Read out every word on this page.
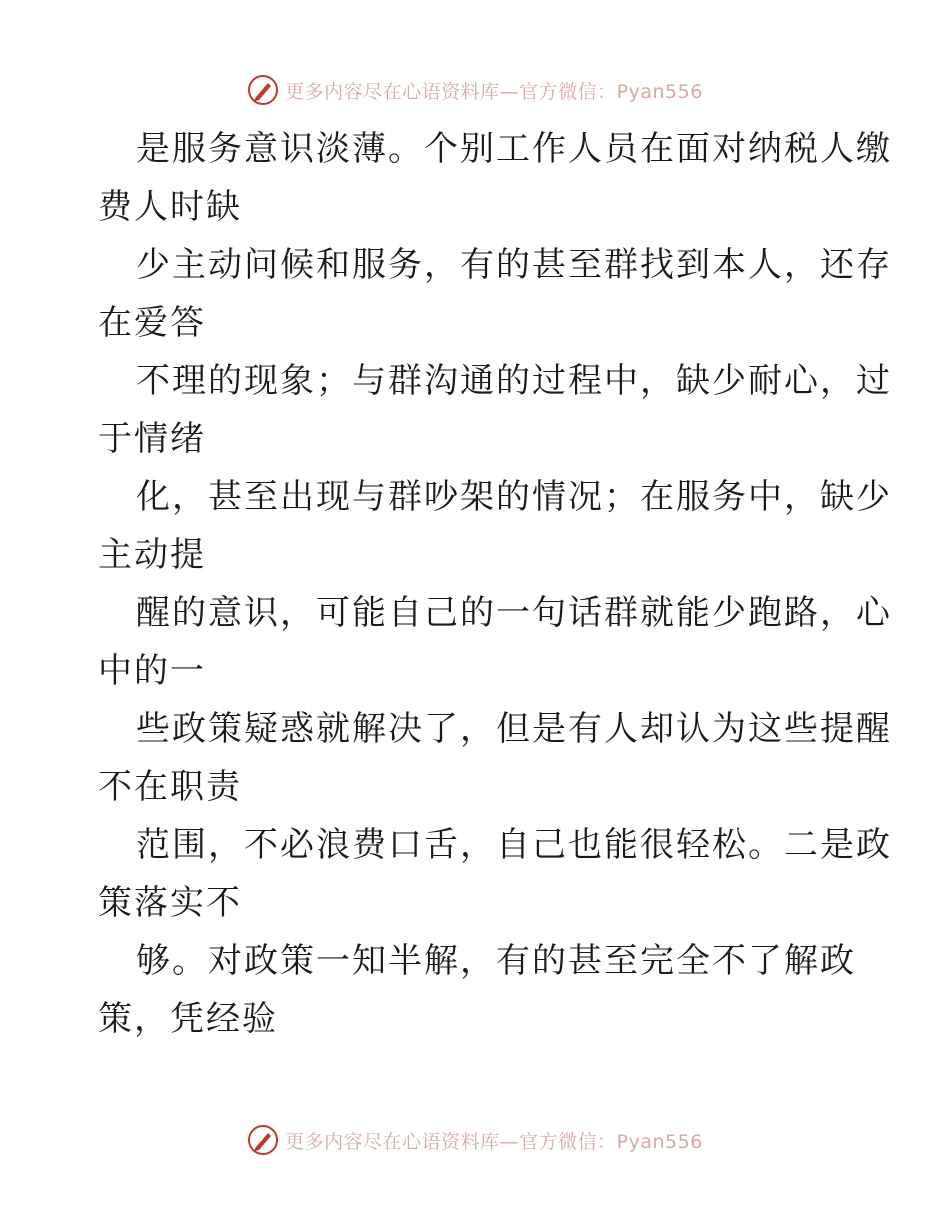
更多内容尽在心语资料库—官方微信：Pyan556
是服务意识淡薄。个别工作人员在面对纳税人缴
费人时缺
少主动问候和服务，有的甚至群找到本人，还存
在爱答
不理的现象；与群沟通的过程中，缺少耐心，过
于情绪
化，甚至出现与群吵架的情况；在服务中，缺少
主动提
醒的意识，可能自己的一句话群就能少跑路，心
中的一
些政策疑惑就解决了，但是有人却认为这些提醒
不在职责
范围，不必浪费口舌，自己也能很轻松。二是政
策落实不
够。对政策一知半解，有的甚至完全不了解政
策，凭经验
更多内容尽在心语资料库—官方微信：Pyan556
